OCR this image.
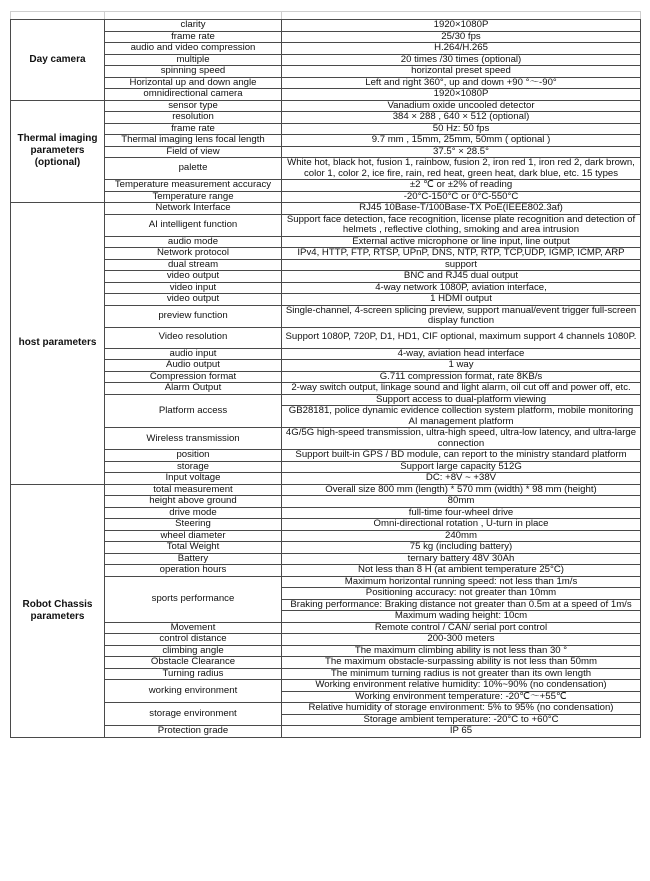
Day camera	clarity	1920×1080P
	frame rate	25/30 fps
	audio and video compression	H.264/H.265
	multiple	20 times /30 times (optional)
	spinning speed	horizontal preset speed
	Horizontal up and down angle	Left and right 360°, up and down +90 °～-90°
	omnidirectional camera	1920×1080P
Thermal imaging parameters (optional)	sensor type	Vanadium oxide uncooled detector
	resolution	384 × 288 , 640 × 512 (optional)
	frame rate	50 Hz: 50 fps
	Thermal imaging lens focal length	9.7 mm , 15mm, 25mm, 50mm ( optional )
	Field of view	37.5° × 28.5°
	palette	White hot, black hot, fusion 1, rainbow, fusion 2, iron red 1, iron red 2, dark brown, color 1, color 2, ice fire, rain, red heat, green heat, dark blue, etc. 15 types
	Temperature measurement accuracy	±2 ℃ or ±2% of reading
	Temperature range	-20°C-150°C or 0°C-550°C
host parameters	Network Interface	RJ45 10Base-T/100Base-TX PoE(IEEE802.3af)
	AI intelligent function	Support face detection, face recognition, license plate recognition and detection of helmets , reflective clothing, smoking and area intrusion
	audio mode	External active microphone or line input, line output
	Network protocol	IPv4, HTTP, FTP, RTSP, UPnP, DNS, NTP, RTP, TCP,UDP, IGMP, ICMP, ARP
	dual stream	support
	video output	BNC and RJ45 dual output
	video input	4-way network 1080P, aviation interface,
	video output	1 HDMI output
	preview function	Single-channel, 4-screen splicing preview, support manual/event trigger full-screen display function
	Video resolution	Support 1080P, 720P, D1, HD1, CIF optional, maximum support 4 channels 1080P.
	audio input	4-way, aviation head interface
	Audio output	1 way
	Compression format	G.711 compression format, rate 8KB/s
	Alarm Output	2-way switch output, linkage sound and light alarm, oil cut off and power off, etc.
	Platform access	Support access to dual-platform viewing
		GB28181, police dynamic evidence collection system platform, mobile monitoring AI management platform
	Wireless transmission	4G/5G high-speed transmission, ultra-high speed, ultra-low latency, and ultra-large connection
	position	Support built-in GPS / BD module, can report to the ministry standard platform
	storage	Support large capacity 512G
	Input voltage	DC: +8V ~ +38V
Robot Chassis parameters	total measurement	Overall size 800 mm (length) * 570 mm (width) * 98 mm (height)
	height above ground	80mm
	drive mode	full-time four-wheel drive
	Steering	Omni-directional rotation , U-turn in place
	wheel diameter	240mm
	Total Weight	75 kg (including battery)
	Battery	ternary battery 48V 30Ah
	operation hours	Not less than 8 H (at ambient temperature 25°C)
	sports performance	Maximum horizontal running speed: not less than 1m/s
		Positioning accuracy: not greater than 10mm
		Braking performance: Braking distance not greater than 0.5m at a speed of 1m/s
		Maximum wading height: 10cm
	Movement	Remote control / CAN/ serial port control
	control distance	200-300 meters
	climbing angle	The maximum climbing ability is not less than 30 °
	Obstacle Clearance	The maximum obstacle-surpassing ability is not less than 50mm
	Turning radius	The minimum turning radius is not greater than its own length
	working environment	Working environment relative humidity: 10%~90% (no condensation)
		Working environment temperature: -20℃～+55℃
	storage environment	Relative humidity of storage environment: 5% to 95% (no condensation)
		Storage ambient temperature: -20°C to +60°C
	Protection grade	IP 65
